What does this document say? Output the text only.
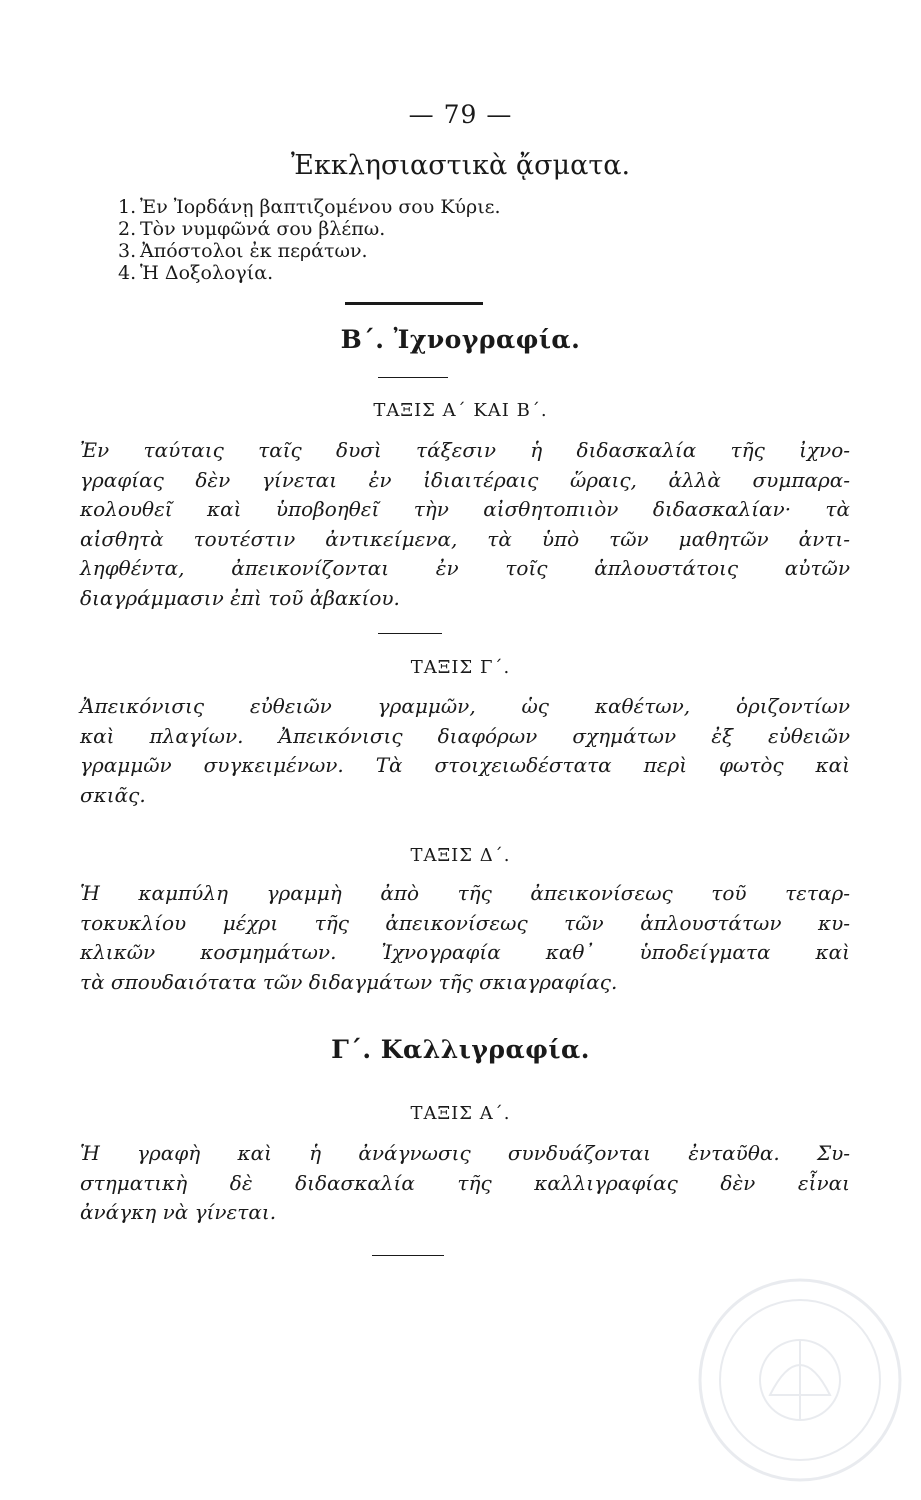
— 79 —
Ἐκκλησιαστικὰ ᾄσματα.
1. Ἐν Ἰορδάνῃ βαπτιζομένου σου Κύριε.
2. Τὸν νυμφῶνά σου βλέπω.
3. Ἀπόστολοι ἐκ περάτων.
4. Ἡ Δοξολογία.
Β΄. Ἰχνογραφία.
ΤΑΞΙΣ Α΄ ΚΑΙ Β΄.
Ἐν ταύταις ταῖς δυσὶ τάξεσιν ἡ διδασκαλία τῆς ἰχνο-
γραφίας δὲν γίνεται ἐν ἰδιαιτέραις ὥραις, ἀλλὰ συμπαρα-
κολουθεῖ καὶ ὑποβοηθεῖ τὴν αἰσθητοπιιὸν διδασκαλίαν· τὰ
αἰσθητὰ τουτέστιν ἀντικείμενα, τὰ ὑπὸ τῶν μαθητῶν ἀντι-
ληφθέντα, ἀπεικονίζονται ἐν τοῖς ἁπλουστάτοις αὐτῶν
διαγράμμασιν ἐπὶ τοῦ ἀβακίου.
ΤΑΞΙΣ Γ΄.
Ἀπεικόνισις εὐθειῶν γραμμῶν, ὡς καθέτων, ὁριζοντίων
καὶ πλαγίων. Ἀπεικόνισις διαφόρων σχημάτων ἐξ εὐθειῶν
γραμμῶν συγκειμένων. Τὰ στοιχειωδέστατα περὶ φωτὸς καὶ
σκιᾶς.
ΤΑΞΙΣ Δ΄.
Ἡ καμπύλη γραμμὴ ἀπὸ τῆς ἀπεικονίσεως τοῦ τεταρ-
τοκυκλίου μέχρι τῆς ἀπεικονίσεως τῶν ἁπλουστάτων κυ-
κλικῶν κοσμημάτων. Ἰχνογραφία καθ᾽ ὑποδείγματα καὶ
τὰ σπουδαιότατα τῶν διδαγμάτων τῆς σκιαγραφίας.
Γ΄. Καλλιγραφία.
ΤΑΞΙΣ Α΄.
Ἡ γραφὴ καὶ ἡ ἀνάγνωσις συνδυάζονται ἐνταῦθα. Συ-
στηματικὴ δὲ διδασκαλία τῆς καλλιγραφίας δὲν εἶναι
ἀνάγκη νὰ γίνεται.
